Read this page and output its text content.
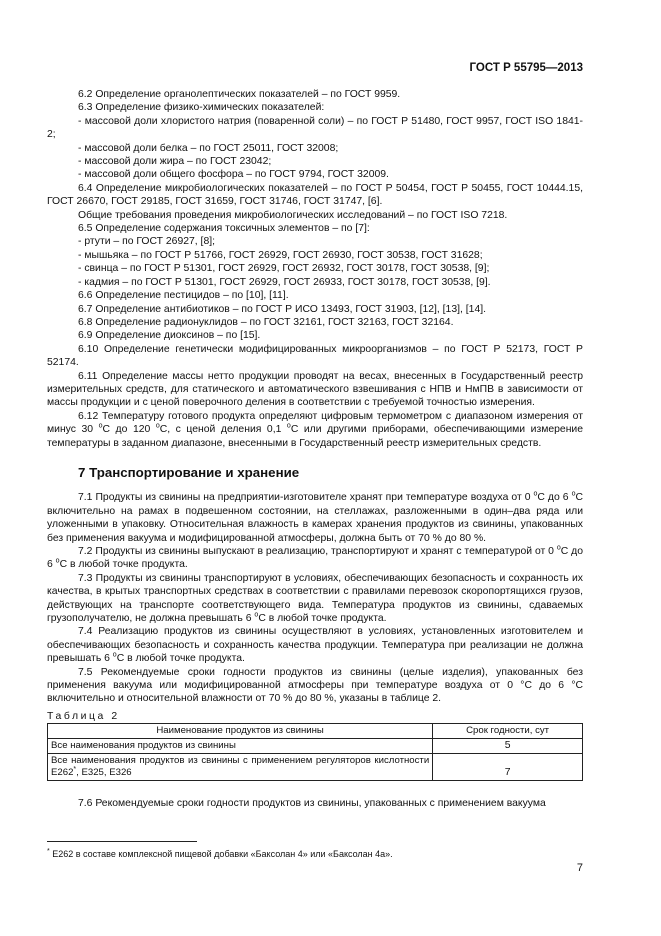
ГОСТ Р 55795—2013

6.2 Определение органолептических показателей – по ГОСТ 9959.

6.3 Определение физико-химических показателей:

- массовой доли хлористого натрия (поваренной соли) – по ГОСТ Р 51480, ГОСТ 9957, ГОСТ ISO 1841-2;

- массовой доли белка – по ГОСТ 25011, ГОСТ 32008;

- массовой доли жира – по ГОСТ 23042;

- массовой доли общего фосфора – по ГОСТ 9794, ГОСТ 32009.

6.4 Определение микробиологических показателей – по ГОСТ Р 50454, ГОСТ Р 50455, ГОСТ 10444.15, ГОСТ 26670, ГОСТ 29185, ГОСТ 31659, ГОСТ 31746, ГОСТ 31747, [6].

Общие требования проведения микробиологических исследований – по ГОСТ ISO 7218.

6.5 Определение содержания токсичных элементов – по [7]:

- ртути – по ГОСТ 26927, [8];

- мышьяка – по ГОСТ Р 51766, ГОСТ 26929, ГОСТ 26930, ГОСТ 30538, ГОСТ 31628;

- свинца – по ГОСТ Р 51301, ГОСТ 26929, ГОСТ 26932, ГОСТ 30178, ГОСТ 30538, [9];

- кадмия – по ГОСТ Р 51301, ГОСТ 26929, ГОСТ 26933, ГОСТ 30178, ГОСТ 30538, [9].

6.6 Определение пестицидов – по [10], [11].

6.7 Определение антибиотиков – по ГОСТ Р ИСО 13493, ГОСТ 31903, [12], [13], [14].

6.8 Определение радионуклидов – по ГОСТ 32161, ГОСТ 32163, ГОСТ 32164.

6.9 Определение диоксинов – по [15].

6.10 Определение генетически модифицированных микроорганизмов – по ГОСТ Р 52173, ГОСТ Р 52174.

6.11 Определение массы нетто продукции проводят на весах, внесенных в Государственный реестр измерительных средств, для статического и автоматического взвешивания с НПВ и НмПВ в зависимости от массы продукции и с ценой поверочного деления в соответствии с требуемой точностью измерения.

6.12 Температуру готового продукта определяют цифровым термометром с диапазоном измерения от минус 30 $^о$С до 120 $^о$С, с ценой деления 0,1 $^о$С или другими приборами, обеспечивающими измерение температуры в заданном диапазоне, внесенными в Государственный реестр измерительных средств.

7 Транспортирование и хранение

7.1 Продукты из свинины на предприятии-изготовителе хранят при температуре воздуха от 0 $^о$С до 6 $^о$С включительно на рамах в подвешенном состоянии, на стеллажах, разложенными в один–два ряда или уложенными в упаковку. Относительная влажность в камерах хранения продуктов из свинины, упакованных без применения вакуума и модифицированной атмосферы, должна быть от 70 % до 80 %.

7.2 Продукты из свинины выпускают в реализацию, транспортируют и хранят с температурой от 0 $^о$С до 6 $^о$С в любой точке продукта.

7.3 Продукты из свинины транспортируют в условиях, обеспечивающих безопасность и сохранность их качества, в крытых транспортных средствах в соответствии с правилами перевозок скоропортящихся грузов, действующих на транспорте соответствующего вида. Температура продуктов из свинины, сдаваемых грузополучателю, не должна превышать 6 $^о$С в любой точке продукта.

7.4 Реализацию продуктов из свинины осуществляют в условиях, установленных изготовителем и обеспечивающих безопасность и сохранность качества продукции. Температура при реализации не должна превышать 6 $^о$С в любой точке продукта.

7.5 Рекомендуемые сроки годности продуктов из свинины (целые изделия), упакованных без применения вакуума или модифицированной атмосферы при температуре воздуха от 0 °С до 6 °С включительно и относительной влажности от 70 % до 80 %, указаны в таблице 2.

Таблица 2

Наименование продуктов из свинины	Срок годности, сут
Все наименования продуктов из свинины	5
Все наименования продуктов из свинины с применением регуляторов кислотности Е262*, Е325, Е326	7

7.6 Рекомендуемые сроки годности продуктов из свинины, упакованных с применением вакуума

* Е262 в составе комплексной пищевой добавки «Баксолан 4» или «Баксолан 4а».
7
